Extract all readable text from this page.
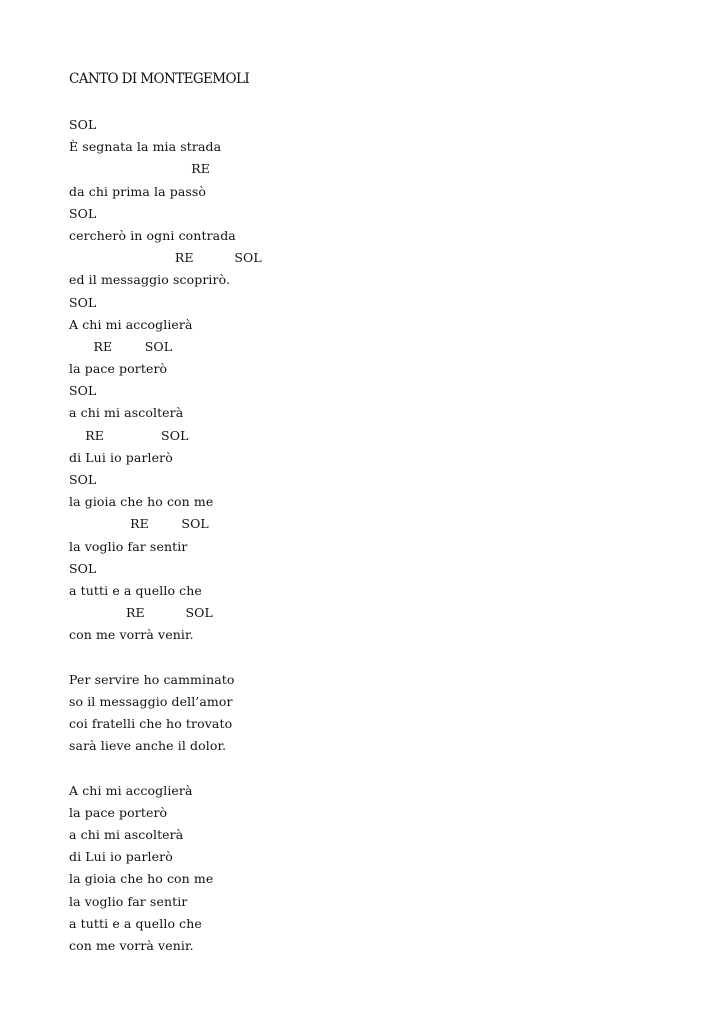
CANTO DI MONTEGEMOLI
SOL
È segnata la mia strada
RE
da chi prima la passò
SOL
cercherò in ogni contrada
RE          SOL
ed il messaggio scoprirò.
SOL
A chi mi accoglierà
RE        SOL
la pace porterò
SOL
a chi mi ascolterà
RE              SOL
di Lui io parlerò
SOL
la gioia che ho con me
RE        SOL
la voglio far sentir
SOL
a tutti e a quello che
RE          SOL
con me vorrà venir.
Per servire ho camminato
so il messaggio dell’amor
coi fratelli che ho trovato
sarà lieve anche il dolor.
A chi mi accoglierà
la pace porterò
a chi mi ascolterà
di Lui io parlerò
la gioia che ho con me
la voglio far sentir
a tutti e a quello che
con me vorrà venir.
